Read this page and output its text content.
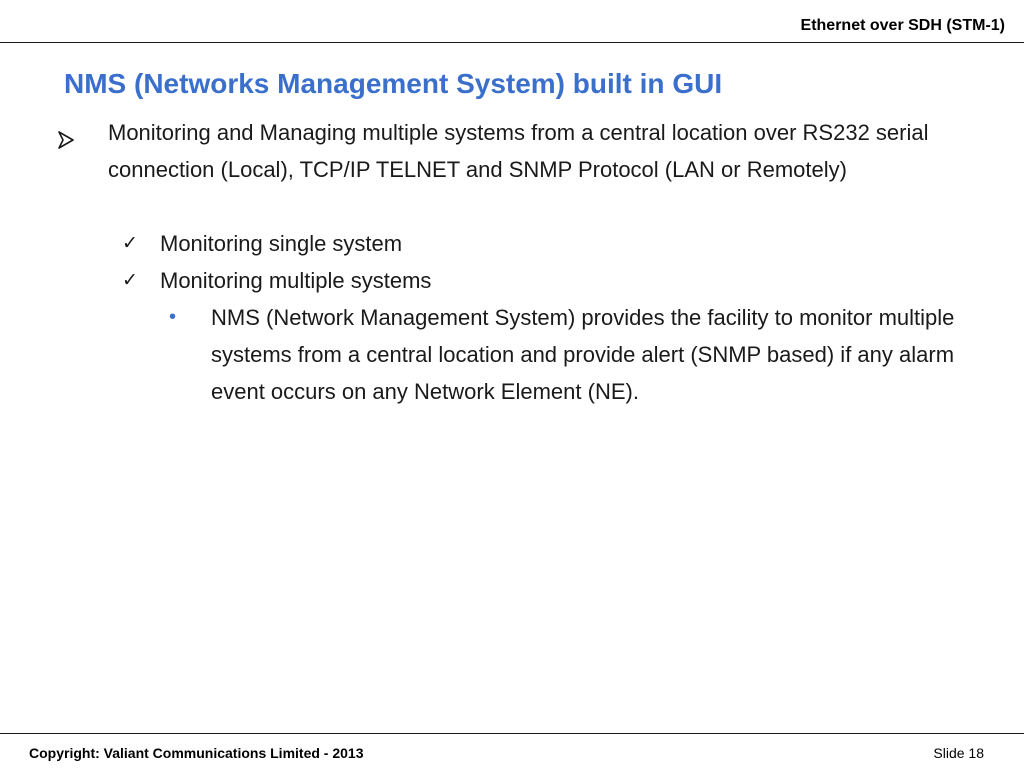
Ethernet over SDH (STM-1)
NMS (Networks Management System) built in GUI
Monitoring and Managing multiple systems from a central location over RS232 serial connection (Local), TCP/IP TELNET and SNMP Protocol (LAN or Remotely)
✓ Monitoring single system
✓ Monitoring multiple systems
• NMS (Network Management System) provides the facility to monitor multiple systems from a central location and provide alert (SNMP based) if any alarm event occurs on any Network Element (NE).
Copyright: Valiant Communications Limited - 2013	Slide 18
